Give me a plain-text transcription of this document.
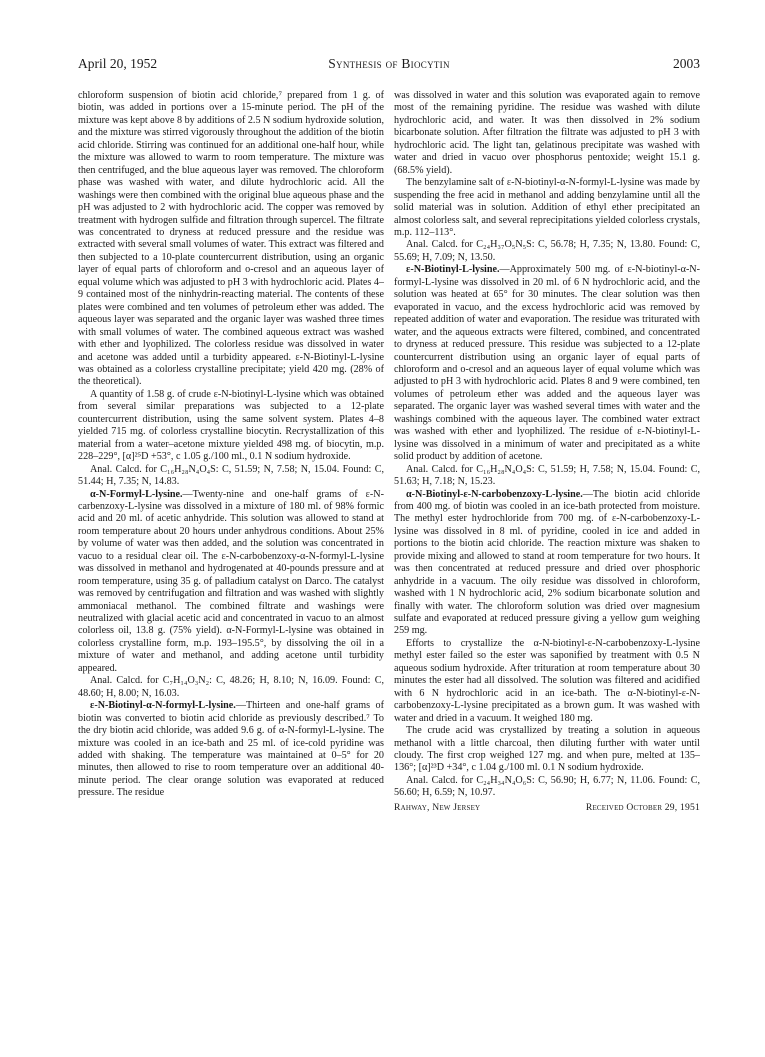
April 20, 1952	Synthesis of Biocytin	2003

chloroform suspension of biotin acid chloride,⁷ prepared from 1 g. of biotin, was added in portions over a 15-minute period. The pH of the mixture was kept above 8 by additions of 2.5 N sodium hydroxide solution, and the mixture was stirred vigorously throughout the addition of the biotin acid chloride. Stirring was continued for an additional one-half hour, while the mixture was allowed to warm to room temperature. The mixture was then centrifuged, and the blue aqueous layer was removed. The chloroform phase was washed with water, and dilute hydrochloric acid. All the washings were then combined with the original blue aqueous phase and the pH was adjusted to 2 with hydrochloric acid. The copper was removed by treatment with hydrogen sulfide and filtration through supercel. The filtrate was concentrated to dryness at reduced pressure and the residue was extracted with several small volumes of water. This extract was filtered and then subjected to a 10-plate countercurrent distribution, using an organic layer of equal parts of chloroform and o-cresol and an aqueous layer of equal volume which was adjusted to pH 3 with hydrochloric acid. Plates 4–9 contained most of the ninhydrin-reacting material. The contents of these plates were combined and ten volumes of petroleum ether was added. The aqueous layer was separated and the organic layer was washed three times with small volumes of water. The combined aqueous extract was washed with ether and lyophilized. The colorless residue was dissolved in water and acetone was added until a turbidity appeared. ε-N-Biotinyl-L-lysine was obtained as a colorless crystalline precipitate; yield 420 mg. (28% of the theoretical).

A quantity of 1.58 g. of crude ε-N-biotinyl-L-lysine which was obtained from several similar preparations was subjected to a 12-plate countercurrent distribution, using the same solvent system. Plates 4–8 yielded 715 mg. of colorless crystalline biocytin. Recrystallization of this material from a water–acetone mixture yielded 498 mg. of biocytin, m.p. 228–229°, [α]²⁵D +53°, c 1.05 g./100 ml., 0.1 N sodium hydroxide.

Anal. Calcd. for C₁₆H₂₈N₄O₄S: C, 51.59; N, 7.58; N, 15.04. Found: C, 51.44; H, 7.35; N, 14.83.

α-N-Formyl-L-lysine.—Twenty-nine and one-half grams of ε-N-carbenzoxy-L-lysine was dissolved in a mixture of 180 ml. of 98% formic acid and 20 ml. of acetic anhydride. This solution was allowed to stand at room temperature about 20 hours under anhydrous conditions. About 25% by volume of water was then added, and the solution was concentrated in vacuo to a residual clear oil. The ε-N-carbobenzoxy-α-N-formyl-L-lysine was dissolved in methanol and hydrogenated at 40-pounds pressure and at room temperature, using 35 g. of palladium catalyst on Darco. The catalyst was removed by centrifugation and filtration and was washed with slightly ammoniacal methanol. The combined filtrate and washings were neutralized with glacial acetic acid and concentrated in vacuo to an almost colorless oil, 13.8 g. (75% yield). α-N-Formyl-L-lysine was obtained in colorless crystalline form, m.p. 193–195.5°, by dissolving the oil in a mixture of water and methanol, and adding acetone until turbidity appeared.

Anal. Calcd. for C₇H₁₄O₃N₂: C, 48.26; H, 8.10; N, 16.09. Found: C, 48.60; H, 8.00; N, 16.03.

ε-N-Biotinyl-α-N-formyl-L-lysine.—Thirteen and one-half grams of biotin was converted to biotin acid chloride as previously described.⁷ To the dry biotin acid chloride, was added 9.6 g. of α-N-formyl-L-lysine. The mixture was cooled in an ice-bath and 25 ml. of ice-cold pyridine was added with shaking. The temperature was maintained at 0–5° for 20 minutes, then allowed to rise to room temperature over an additional 40-minute period. The clear orange solution was evaporated at reduced pressure. The residue

was dissolved in water and this solution was evaporated again to remove most of the remaining pyridine. The residue was washed with dilute hydrochloric acid, and water. It was then dissolved in 2% sodium bicarbonate solution. After filtration the filtrate was adjusted to pH 3 with hydrochloric acid. The light tan, gelatinous precipitate was washed with water and dried in vacuo over phosphorus pentoxide; weight 15.1 g. (68.5% yield).

The benzylamine salt of ε-N-biotinyl-α-N-formyl-L-lysine was made by suspending the free acid in methanol and adding benzylamine until all the solid material was in solution. Addition of ethyl ether precipitated an almost colorless salt, and several reprecipitations yielded colorless crystals, m.p. 112–113°.

Anal. Calcd. for C₂₄H₃₇O₅N₅S: C, 56.78; H, 7.35; N, 13.80. Found: C, 55.69; H, 7.09; N, 13.50.

ε-N-Biotinyl-L-lysine.—Approximately 500 mg. of ε-N-biotinyl-α-N-formyl-L-lysine was dissolved in 20 ml. of 6 N hydrochloric acid, and the solution was heated at 65° for 30 minutes. The clear solution was then evaporated in vacuo, and the excess hydrochloric acid was removed by repeated addition of water and evaporation. The residue was triturated with water, and the aqueous extracts were filtered, combined, and concentrated to dryness at reduced pressure. This residue was subjected to a 12-plate countercurrent distribution using an organic layer of equal parts of chloroform and o-cresol and an aqueous layer of equal volume which was adjusted to pH 3 with hydrochloric acid. Plates 8 and 9 were combined, ten volumes of petroleum ether was added and the aqueous layer was separated. The organic layer was washed several times with water and the washings combined with the aqueous layer. The combined water extract was washed with ether and lyophilized. The residue of ε-N-biotinyl-L-lysine was dissolved in a minimum of water and precipitated as a white solid product by addition of acetone.

Anal. Calcd. for C₁₆H₂₈N₄O₄S: C, 51.59; H, 7.58; N, 15.04. Found: C, 51.63; H, 7.18; N, 15.23.

α-N-Biotinyl-ε-N-carbobenzoxy-L-lysine.—The biotin acid chloride from 400 mg. of biotin was cooled in an ice-bath protected from moisture. The methyl ester hydrochloride from 700 mg. of ε-N-carbobenzoxy-L-lysine was dissolved in 8 ml. of pyridine, cooled in ice and added in portions to the biotin acid chloride. The reaction mixture was shaken to provide mixing and allowed to stand at room temperature for two hours. It was then concentrated at reduced pressure and dried over phosphoric anhydride in a vacuum. The oily residue was dissolved in chloroform, washed with 1 N hydrochloric acid, 2% sodium bicarbonate solution and finally with water. The chloroform solution was dried over magnesium sulfate and evaporated at reduced pressure giving a yellow gum weighing 259 mg.

Efforts to crystallize the α-N-biotinyl-ε-N-carbobenzoxy-L-lysine methyl ester failed so the ester was saponified by treatment with 0.5 N aqueous sodium hydroxide. After trituration at room temperature about 30 minutes the ester had all dissolved. The solution was filtered and acidified with 6 N hydrochloric acid in an ice-bath. The α-N-biotinyl-ε-N-carbobenzoxy-L-lysine precipitated as a brown gum. It was washed with water and dried in a vacuum. It weighed 180 mg.

The crude acid was crystallized by treating a solution in aqueous methanol with a little charcoal, then diluting further with water until cloudy. The first crop weighed 127 mg. and when pure, melted at 135–136°; [α]²³D +34°, c 1.04 g./100 ml. 0.1 N sodium hydroxide.

Anal. Calcd. for C₂₄H₃₄N₄O₆S: C, 56.90; H, 6.77; N, 11.06. Found: C, 56.60; H, 6.59; N, 10.97.

Rahway, New Jersey	Received October 29, 1951
